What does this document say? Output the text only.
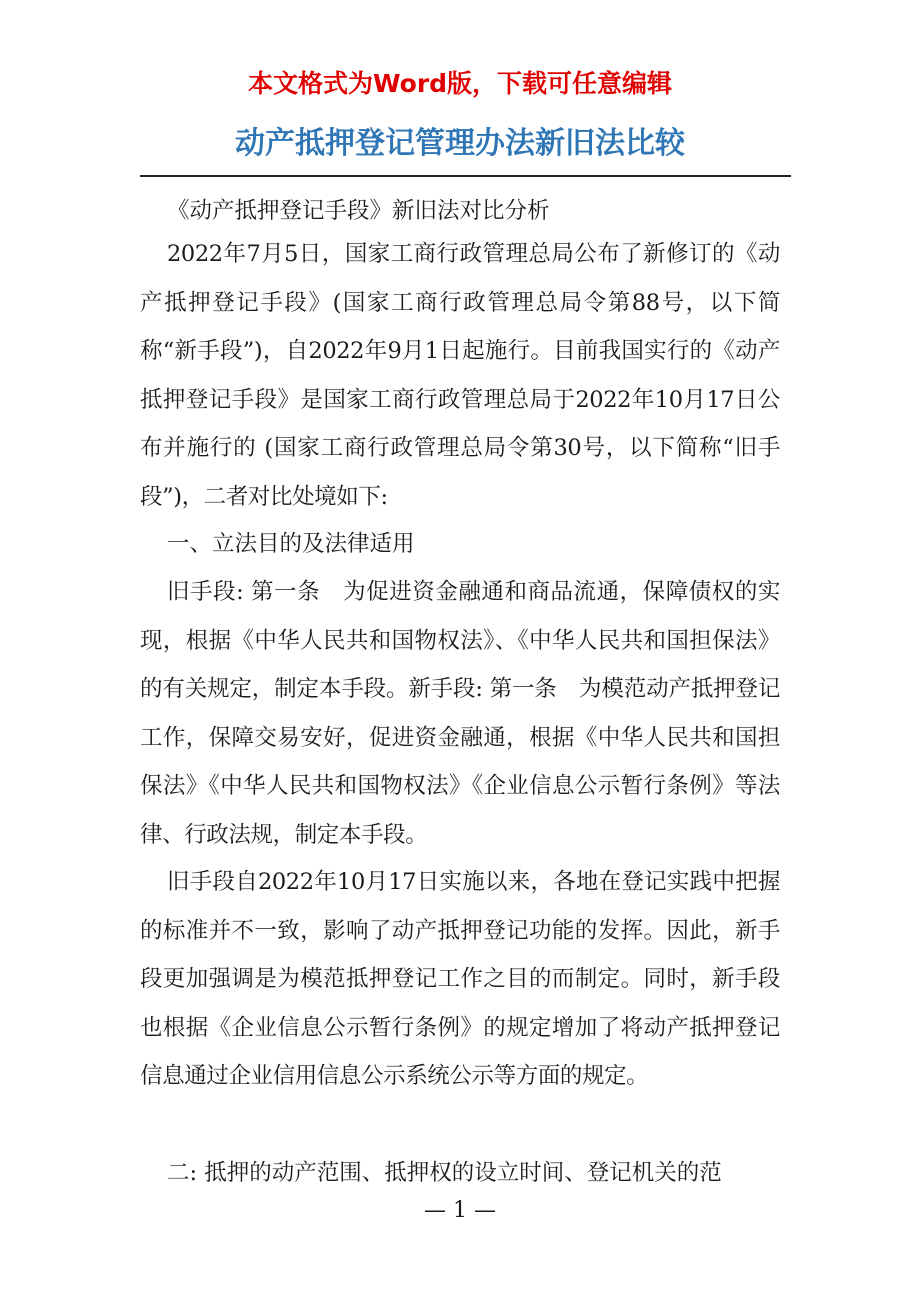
本文格式为Word版，下载可任意编辑
动产抵押登记管理办法新旧法比较

《动产抵押登记手段》新旧法对比分析

2022年7月5日，国家工商行政管理总局公布了新修订的《动产抵押登记手段》(国家工商行政管理总局令第88号，以下简称“新手段”)，自2022年9月1日起施行。目前我国实行的《动产抵押登记手段》是国家工商行政管理总局于2022年10月17日公布并施行的 (国家工商行政管理总局令第30号，以下简称“旧手段”)，二者对比处境如下:

一、立法目的及法律适用

旧手段: 第一条　为促进资金融通和商品流通，保障债权的实现，根据《中华人民共和国物权法》、《中华人民共和国担保法》的有关规定，制定本手段。新手段: 第一条　为模范动产抵押登记工作，保障交易安好，促进资金融通，根据《中华人民共和国担保法》《中华人民共和国物权法》《企业信息公示暂行条例》等法律、行政法规，制定本手段。

旧手段自2022年10月17日实施以来，各地在登记实践中把握的标准并不一致，影响了动产抵押登记功能的发挥。因此，新手段更加强调是为模范抵押登记工作之目的而制定。同时，新手段也根据《企业信息公示暂行条例》的规定增加了将动产抵押登记信息通过企业信用信息公示系统公示等方面的规定。

二: 抵押的动产范围、抵押权的设立时间、登记机关的范

— 1 —
